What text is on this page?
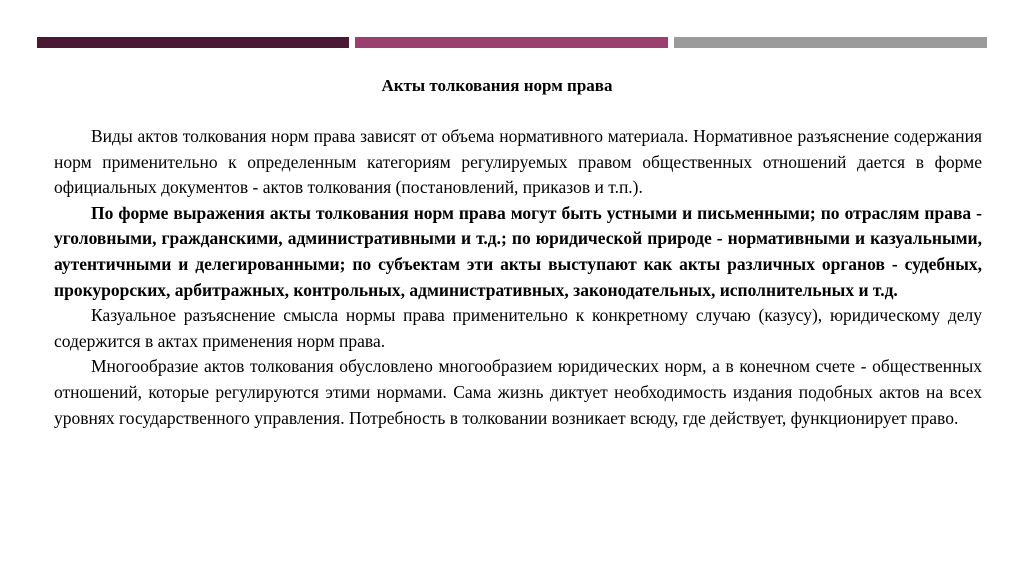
Акты толкования норм права

Виды актов толкования норм права зависят от объема нормативного материала. Нормативное разъяснение содержания норм применительно к определенным категориям регулируемых правом общественных отношений дается в форме официальных документов - актов толкования (постановлений, приказов и т.п.).

По форме выражения акты толкования норм права могут быть устными и письменными; по отраслям права - уголовными, гражданскими, административными и т.д.; по юридической природе - нормативными и казуальными, аутентичными и делегированными; по субъектам эти акты выступают как акты различных органов - судебных, прокурорских, арбитражных, контрольных, административных, законодательных, исполнительных и т.д.

Казуальное разъяснение смысла нормы права применительно к конкретному случаю (казусу), юридическому делу содержится в актах применения норм права.

Многообразие актов толкования обусловлено многообразием юридических норм, а в конечном счете - общественных отношений, которые регулируются этими нормами. Сама жизнь диктует необходимость издания подобных актов на всех уровнях государственного управления. Потребность в толковании возникает всюду, где действует, функционирует право.
